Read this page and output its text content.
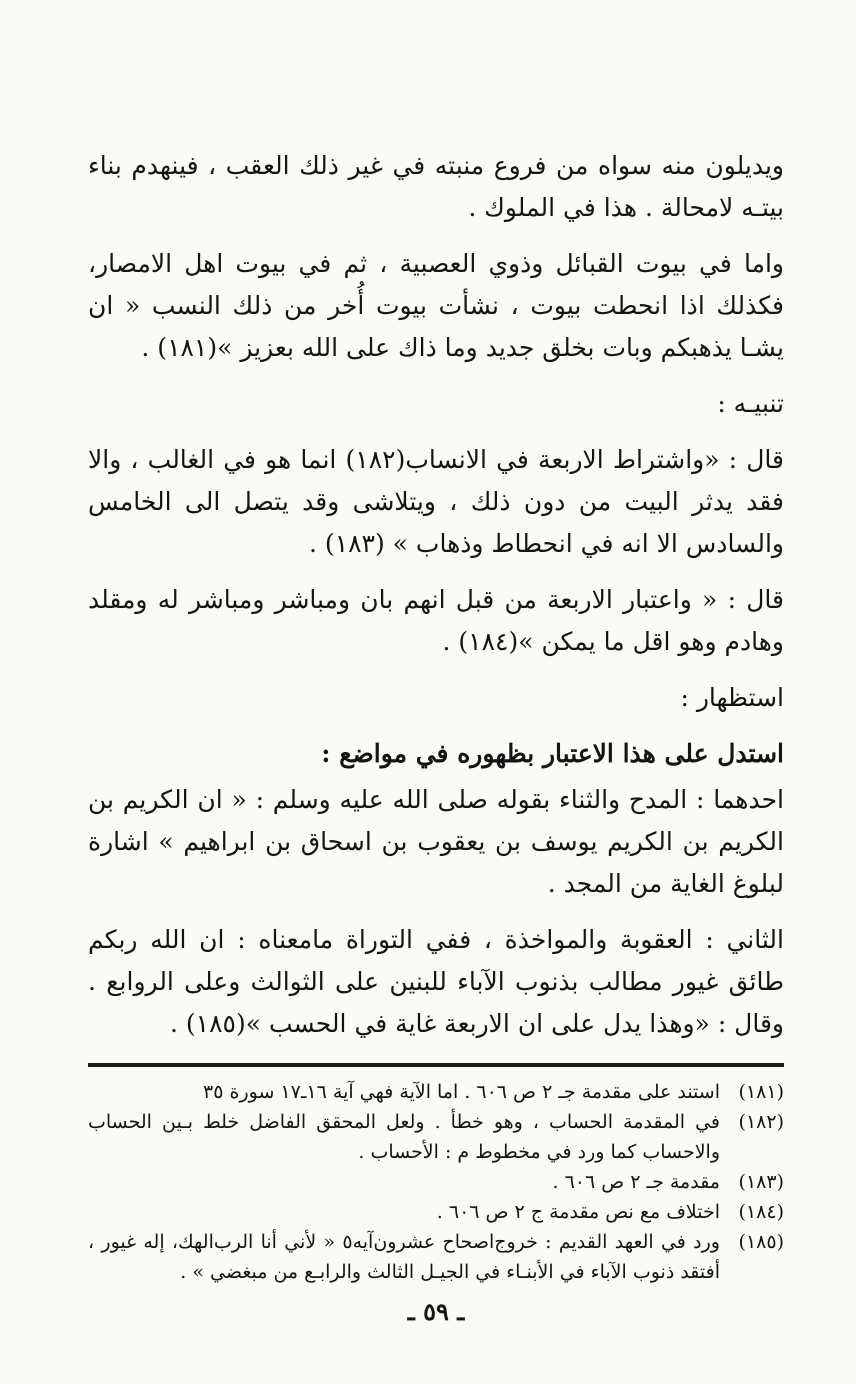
ويديلون منه سواه من فروع منبته في غير ذلك العقب ، فينهدم بناء بيتـه لامحالة . هذا في الملوك .

واما في بيوت القبائل وذوي العصبية ، ثم في بيوت اهل الامصار، فكذلك اذا انحطت بيوت ، نشأت بيوت أُخر من ذلك النسب « ان يشـا يذهبكم وبات بخلق جديد وما ذاك على الله بعزيز »(١٨١) .

تنبيـه :

قال : «واشتراط الاربعة في الانساب(١٨٢) انما هو في الغالب ، والا فقد يدثر البيت من دون ذلك ، ويتلاشى وقد يتصل الى الخامس والسادس الا انه في انحطاط وذهاب » (١٨٣) .

قال : « واعتبار الاربعة من قبل انهم بان ومباشر ومباشر له ومقلد وهادم وهو اقل ما يمكن »(١٨٤) .

استظهار :

استدل على هذا الاعتبار بظهوره في مواضع :

احدهما : المدح والثناء بقوله صلى الله عليه وسلم : « ان الكريم بن الكريم بن الكريم يوسف بن يعقوب بن اسحاق بن ابراهيم » اشارة لبلوغ الغاية من المجد .

الثاني : العقوبة والمواخذة ، ففي التوراة مامعناه : ان الله ربكم طائق غيور مطالب بذنوب الآباء للبنين على الثوالث وعلى الروابع . وقال : «وهذا يدل على ان الاربعة غاية في الحسب »(١٨٥) .

(١٨١)
استند على مقدمة جـ ٢ ص ٦٠٦ . اما الآية فهي آية ١٦ـ١٧ سورة ٣٥
(١٨٢)
في المقدمة الحساب ، وهو خطأ . ولعل المحقق الفاضل خلط بـين الحساب والاحساب كما ورد في مخطوط م : الأحساب .
(١٨٣)
مقدمة جـ ٢ ص ٦٠٦ .
(١٨٤)
اختلاف مع نص مقدمة ج ٢ ص ٦٠٦ .
(١٨٥)
ورد في العهد القديم : خروج‌اصحاح عشرون‌آيه٥ « لأني أنا الرب‌الهك، إله غيور ، أفتقد ذنوب الآباء في الأبنـاء في الجيـل الثالث والرابـع من مبغضي » .
ـ ٥٩ ـ
